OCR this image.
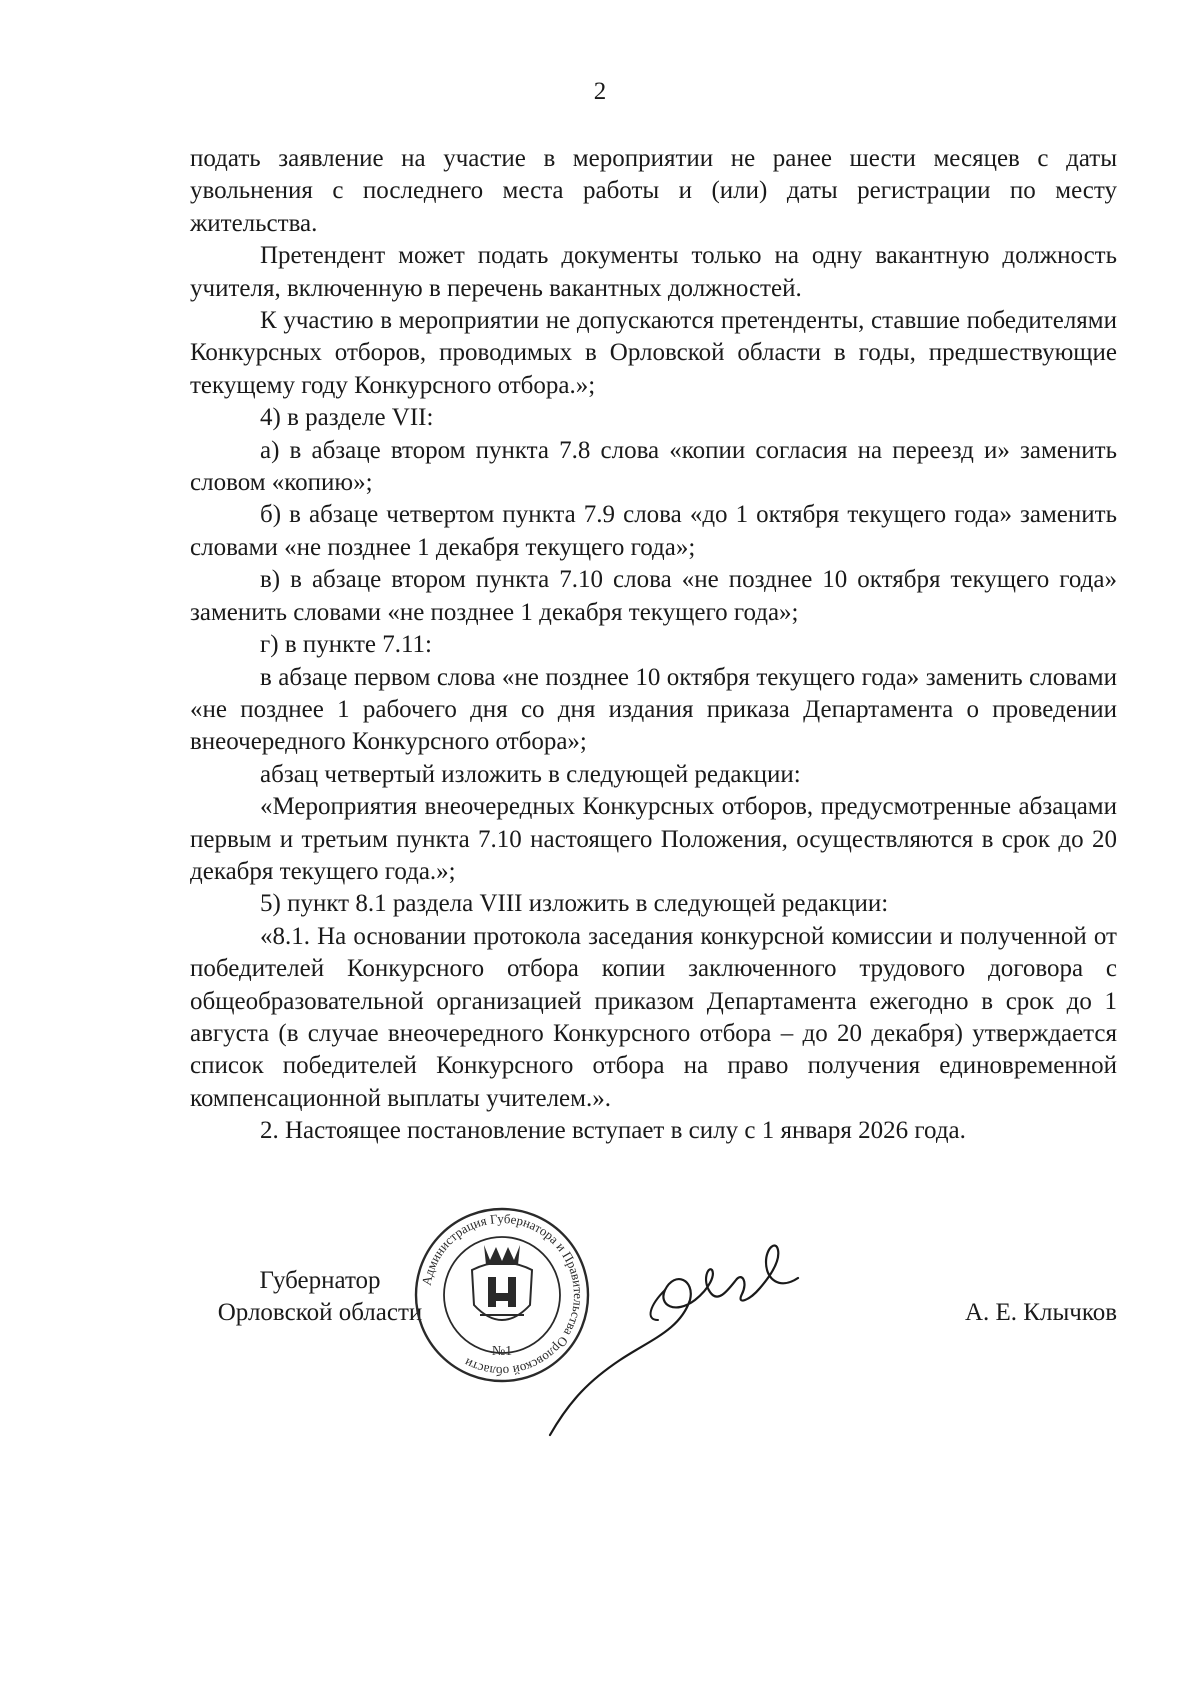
2

подать заявление на участие в мероприятии не ранее шести месяцев с даты увольнения с последнего места работы и (или) даты регистрации по месту жительства.

Претендент может подать документы только на одну вакантную должность учителя, включенную в перечень вакантных должностей.

К участию в мероприятии не допускаются претенденты, ставшие победителями Конкурсных отборов, проводимых в Орловской области в годы, предшествующие текущему году Конкурсного отбора.»;

4) в разделе VII:

а) в абзаце втором пункта 7.8 слова «копии согласия на переезд и» заменить словом «копию»;

б) в абзаце четвертом пункта 7.9 слова «до 1 октября текущего года» заменить словами «не позднее 1 декабря текущего года»;

в) в абзаце втором пункта 7.10 слова «не позднее 10 октября текущего года» заменить словами «не позднее 1 декабря текущего года»;

г) в пункте 7.11:

в абзаце первом слова «не позднее 10 октября текущего года» заменить словами «не позднее 1 рабочего дня со дня издания приказа Департамента о проведении внеочередного Конкурсного отбора»;

абзац четвертый изложить в следующей редакции:

«Мероприятия внеочередных Конкурсных отборов, предусмотренные абзацами первым и третьим пункта 7.10 настоящего Положения, осуществляются в срок до 20 декабря текущего года.»;

5) пункт 8.1 раздела VIII изложить в следующей редакции:

«8.1. На основании протокола заседания конкурсной комиссии и полученной от победителей Конкурсного отбора копии заключенного трудового договора с общеобразовательной организацией приказом Департамента ежегодно в срок до 1 августа (в случае внеочередного Конкурсного отбора – до 20 декабря) утверждается список победителей Конкурсного отбора на право получения единовременной компенсационной выплаты учителем.».

2. Настоящее постановление вступает в силу с 1 января 2026 года.

Губернатор
Орловской области
Администрация Губернатора и Правительства Орловской области
№1
А. Е. Клычков
